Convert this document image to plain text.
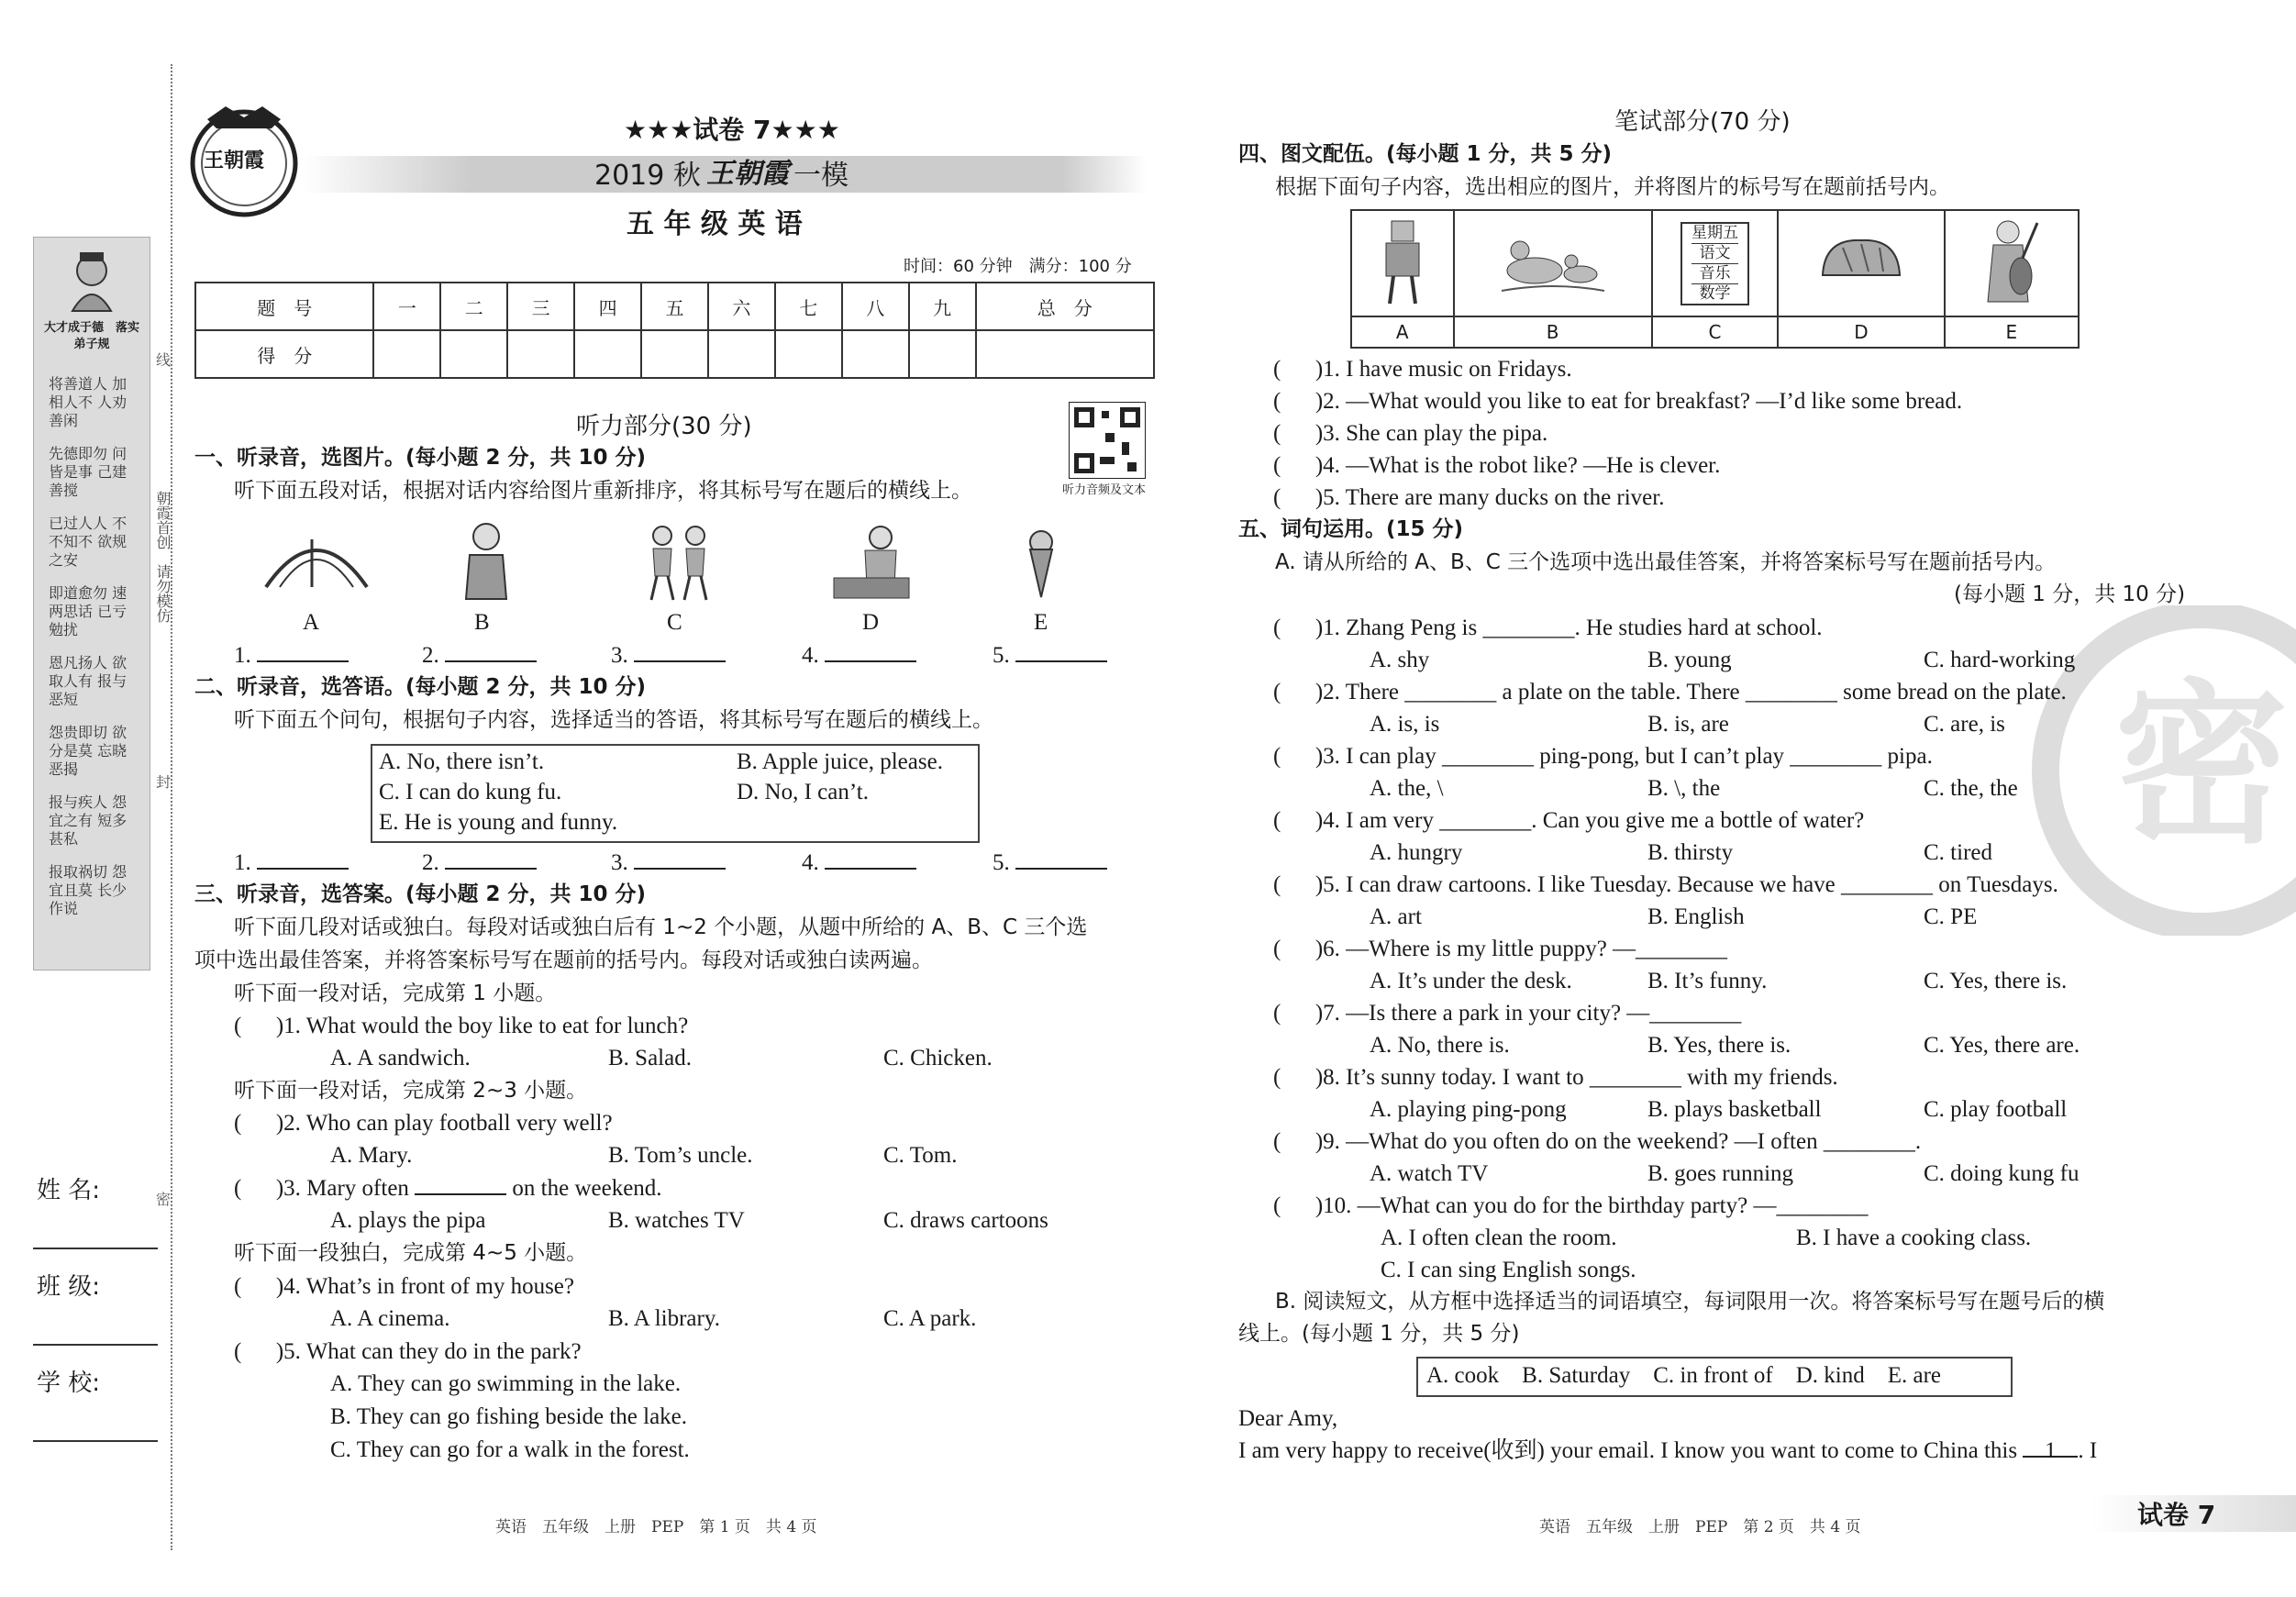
大才成于德　落实弟子规
将善道人 加相人不 人劝善闲
先德即勿 问皆是事 己建善搅
已过人人 不不知不 欲规之安
即道愈勿 速两思话 已亏勉扰
恩凡扬人 欲取人有 报与恶短
怨贵即切 欲分是莫 忘晓恶揭
报与疾人 怨宜之有 短多甚私
报取祸切 怨宜且莫 长少作说
朝霞首创　请勿模仿
线
封
密
姓 名:
班 级:
学 校:
王朝霞
★★★试卷 7★★★
2019 秋 王朝霞 一模
五 年 级 英 语
时间：60 分钟　满分：100 分
题　号	一	二	三	四	五	六	七	八	九	总　分
得　分										
听力部分(30 分)
听力音频及文本
一、听录音，选图片。(每小题 2 分，共 10 分)
听下面五段对话，根据对话内容给图片重新排序，将其标号写在题后的横线上。
A	B	C	D	E
1.	2.	3.	4.	5.
二、听录音，选答语。(每小题 2 分，共 10 分)
听下面五个问句，根据句子内容，选择适当的答语，将其标号写在题后的横线上。
A. No, there isn’t.	B. Apple juice, please.
C. I can do kung fu.	D. No, I can’t.
E. He is young and funny.
1.	2.	3.	4.	5.
三、听录音，选答案。(每小题 2 分，共 10 分)
听下面几段对话或独白。每段对话或独白后有 1~2 个小题，从题中所给的 A、B、C 三个选
项中选出最佳答案，并将答案标号写在题前的括号内。每段对话或独白读两遍。
听下面一段对话，完成第 1 小题。
( 　 )1. What would the boy like to eat for lunch?
A. A sandwich.	B. Salad.	C. Chicken.
听下面一段对话，完成第 2~3 小题。
( 　 )2. Who can play football very well?
A. Mary.	B. Tom’s uncle.	C. Tom.
( 　 )3. Mary often	on the weekend.
A. plays the pipa	B. watches TV	C. draws cartoons
听下面一段独白，完成第 4~5 小题。
( 　 )4. What’s in front of my house?
A. A cinema.	B. A library.	C. A park.
( 　 )5. What can they do in the park?
A. They can go swimming in the lake.
B. They can go fishing beside the lake.
C. They can go for a walk in the forest.
英语　五年级　上册　PEP　第 1 页　共 4 页
笔试部分(70 分)
四、图文配伍。(每小题 1 分，共 5 分)
根据下面句子内容，选出相应的图片，并将图片的标号写在题前括号内。

星期五
语文
音乐
数学

A	B	C	D	E
( 　 )1. I have music on Fridays.
( 　 )2. —What would you like to eat for breakfast? —I’d like some bread.
( 　 )3. She can play the pipa.
( 　 )4. —What is the robot like? —He is clever.
( 　 )5. There are many ducks on the river.
五、词句运用。(15 分)
A. 请从所给的 A、B、C 三个选项中选出最佳答案，并将答案标号写在题前括号内。
(每小题 1 分，共 10 分)
密
( 　 )1. Zhang Peng is ________. He studies hard at school.
A. shy	B. young	C. hard-working
( 　 )2. There ________ a plate on the table. There ________ some bread on the plate.
A. is, is	B. is, are	C. are, is
( 　 )3. I can play ________ ping-pong, but I can’t play ________ pipa.
A. the, \	B. \, the	C. the, the
( 　 )4. I am very ________. Can you give me a bottle of water?
A. hungry	B. thirsty	C. tired
( 　 )5. I can draw cartoons. I like Tuesday. Because we have ________ on Tuesdays.
A. art	B. English	C. PE
( 　 )6. —Where is my little puppy? —________
A. It’s under the desk.	B. It’s funny.	C. Yes, there is.
( 　 )7. —Is there a park in your city? —________
A. No, there is.	B. Yes, there is.	C. Yes, there are.
( 　 )8. It’s sunny today. I want to ________ with my friends.
A. playing ping-pong	B. plays basketball	C. play football
( 　 )9. —What do you often do on the weekend? —I often ________.
A. watch TV	B. goes running	C. doing kung fu
( 　 )10. —What can you do for the birthday party? —________
A. I often clean the room.	B. I have a cooking class.
C. I can sing English songs.
B. 阅读短文，从方框中选择适当的词语填空，每词限用一次。将答案标号写在题号后的横
线上。(每小题 1 分，共 5 分)
A. cook　B. Saturday　C. in front of　D. kind　E. are
Dear Amy,
I am very happy to receive(收到) your email. I know you want to come to China this 1 . I
英语　五年级　上册　PEP　第 2 页　共 4 页	试卷 7
